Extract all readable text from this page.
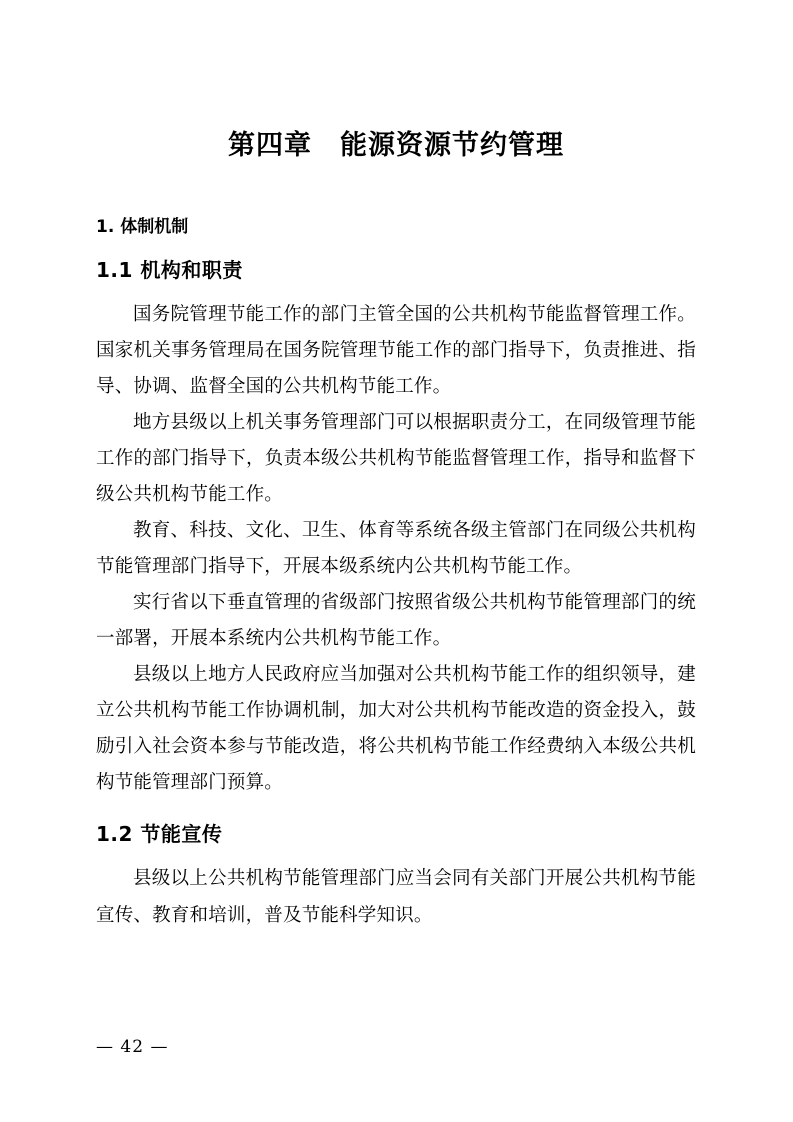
第四章　能源资源节约管理
1. 体制机制
1.1 机构和职责

国务院管理节能工作的部门主管全国的公共机构节能监督管理工作。国家机关事务管理局在国务院管理节能工作的部门指导下，负责推进、指导、协调、监督全国的公共机构节能工作。

地方县级以上机关事务管理部门可以根据职责分工，在同级管理节能工作的部门指导下，负责本级公共机构节能监督管理工作，指导和监督下级公共机构节能工作。

教育、科技、文化、卫生、体育等系统各级主管部门在同级公共机构节能管理部门指导下，开展本级系统内公共机构节能工作。

实行省以下垂直管理的省级部门按照省级公共机构节能管理部门的统一部署，开展本系统内公共机构节能工作。

县级以上地方人民政府应当加强对公共机构节能工作的组织领导，建立公共机构节能工作协调机制，加大对公共机构节能改造的资金投入，鼓励引入社会资本参与节能改造，将公共机构节能工作经费纳入本级公共机构节能管理部门预算。

1.2 节能宣传

县级以上公共机构节能管理部门应当会同有关部门开展公共机构节能宣传、教育和培训，普及节能科学知识。

— 42 —
